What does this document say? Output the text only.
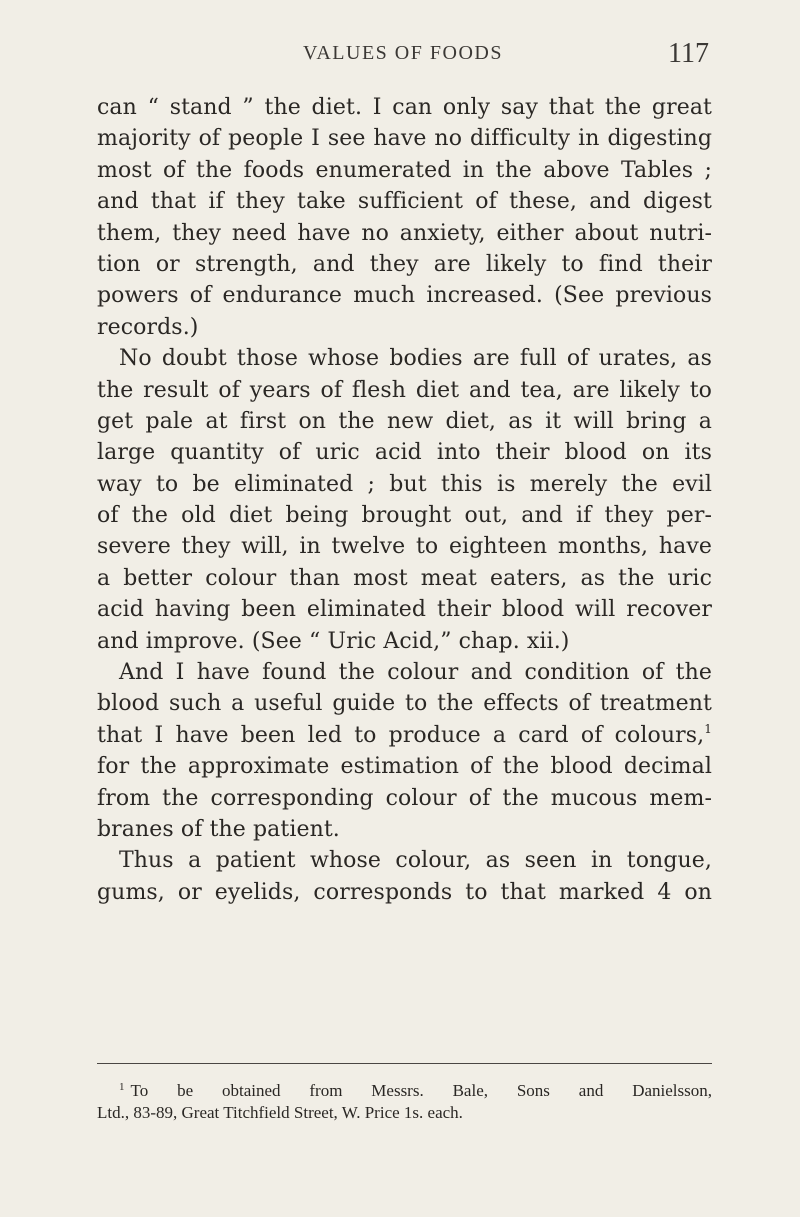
VALUES OF FOODS	117
can “ stand ” the diet. I can only say that the great
majority of people I see have no difficulty in digesting
most of the foods enumerated in the above Tables ;
and that if they take sufficient of these, and digest
them, they need have no anxiety, either about nutri-
tion or strength, and they are likely to find their
powers of endurance much increased. (See previous
records.)
No doubt those whose bodies are full of urates, as
the result of years of flesh diet and tea, are likely to
get pale at first on the new diet, as it will bring a
large quantity of uric acid into their blood on its
way to be eliminated ; but this is merely the evil
of the old diet being brought out, and if they per-
severe they will, in twelve to eighteen months, have
a better colour than most meat eaters, as the uric
acid having been eliminated their blood will recover
and improve. (See “ Uric Acid,” chap. xii.)
And I have found the colour and condition of the
blood such a useful guide to the effects of treatment
that I have been led to produce a card of colours,$^1$
for the approximate estimation of the blood decimal
from the corresponding colour of the mucous mem-
branes of the patient.
Thus a patient whose colour, as seen in tongue,
gums, or eyelids, corresponds to that marked 4 on
$^1$ To be obtained from Messrs. Bale, Sons and Danielsson,
Ltd., 83-89, Great Titchfield Street, W. Price 1s. each.
